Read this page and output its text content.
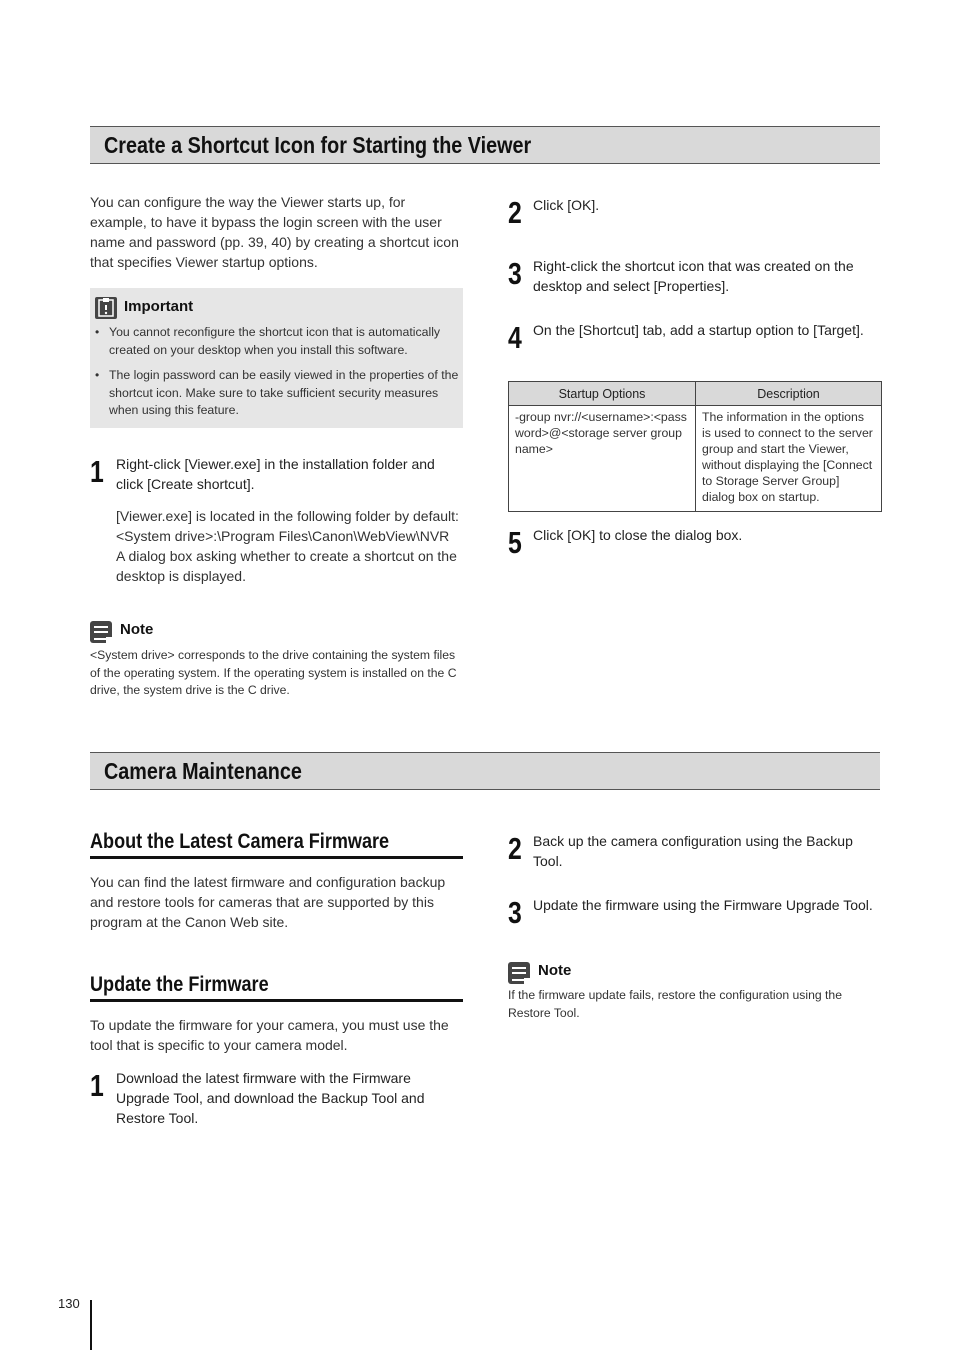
Create a Shortcut Icon for Starting the Viewer
You can configure the way the Viewer starts up, for example, to have it bypass the login screen with the user name and password (pp. 39, 40) by creating a shortcut icon that specifies Viewer startup options.
Important
• You cannot reconfigure the shortcut icon that is automatically created on your desktop when you install this software.
• The login password can be easily viewed in the properties of the shortcut icon. Make sure to take sufficient security measures when using this feature.
1 Right-click [Viewer.exe] in the installation folder and click [Create shortcut].
[Viewer.exe] is located in the following folder by default:
<System drive>:\Program Files\Canon\WebView\NVR
A dialog box asking whether to create a shortcut on the desktop is displayed.
Note
<System drive> corresponds to the drive containing the system files of the operating system. If the operating system is installed on the C drive, the system drive is the C drive.
2 Click [OK].
3 Right-click the shortcut icon that was created on the desktop and select [Properties].
4 On the [Shortcut] tab, add a startup option to [Target].
Startup Options	Description

-group nvr://<username>:<password>@<storage server group name>	The information in the options is used to connect to the server group and start the Viewer, without displaying the [Connect to Storage Server Group] dialog box on startup.
5 Click [OK] to close the dialog box.
Camera Maintenance
About the Latest Camera Firmware
You can find the latest firmware and configuration backup and restore tools for cameras that are supported by this program at the Canon Web site.
Update the Firmware
To update the firmware for your camera, you must use the tool that is specific to your camera model.
1 Download the latest firmware with the Firmware Upgrade Tool, and download the Backup Tool and Restore Tool.
2 Back up the camera configuration using the Backup Tool.
3 Update the firmware using the Firmware Upgrade Tool.
Note
If the firmware update fails, restore the configuration using the Restore Tool.
130
